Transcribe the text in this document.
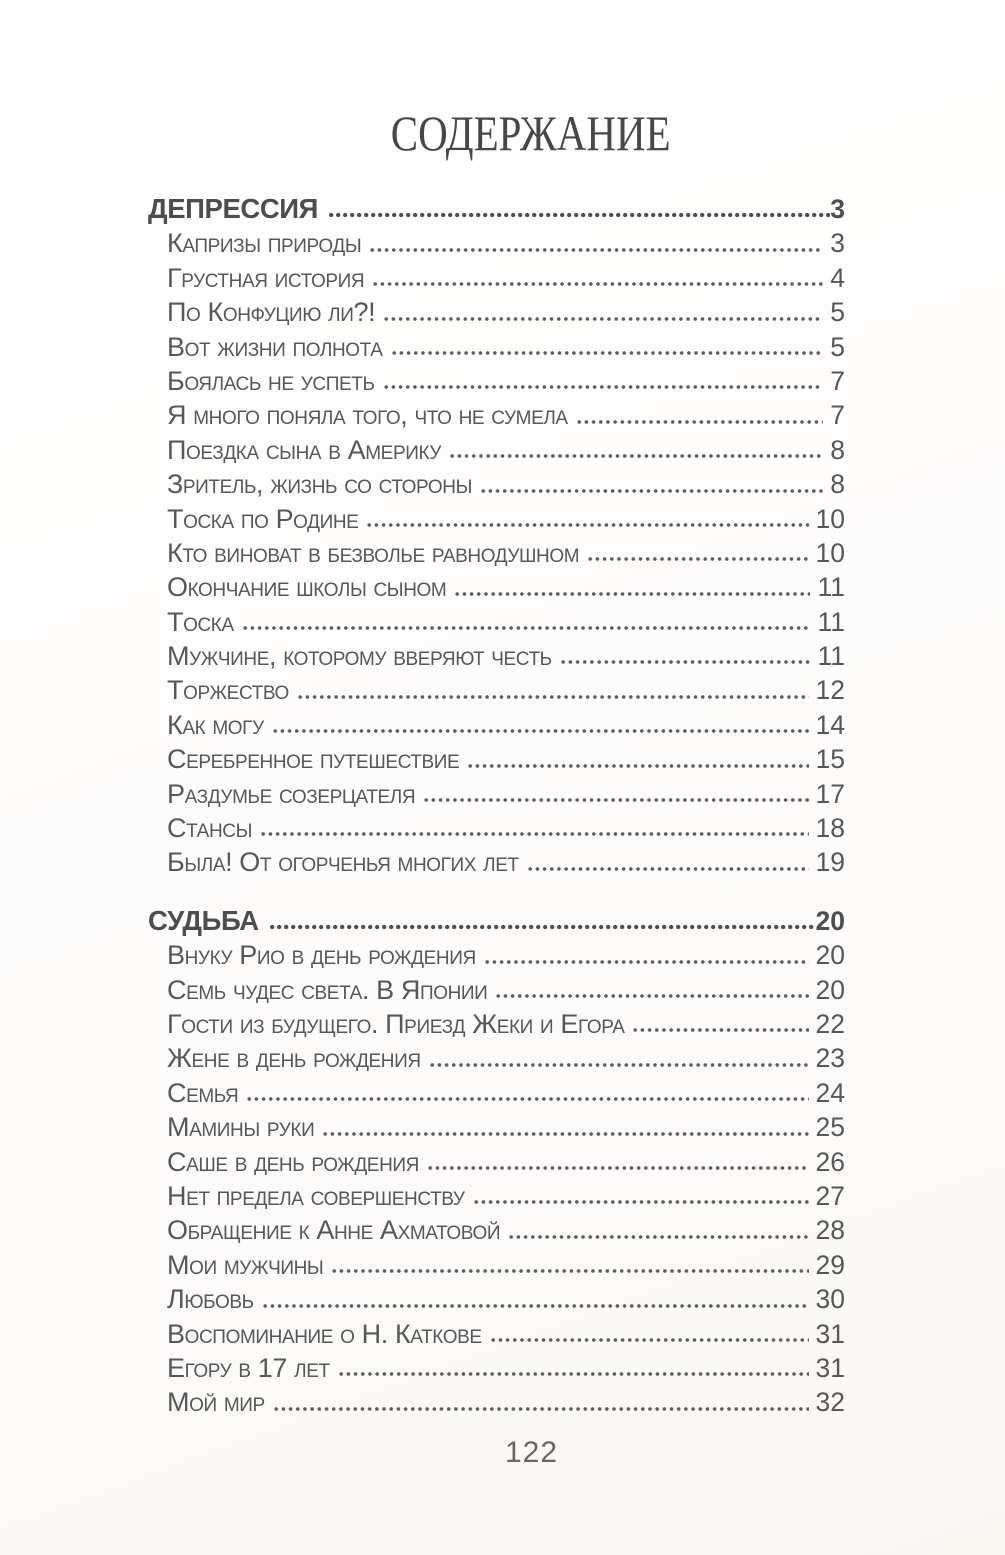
СОДЕРЖАНИЕ
ДЕПРЕССИЯ	3
Капризы природы	3
Грустная история	4
По Конфуцию ли?!	5
Вот жизни полнота	5
Боялась не успеть	7
Я много поняла того, что не сумела	7
Поездка сына в Америку	8
Зритель, жизнь со стороны	8
Тоска по Родине	10
Кто виноват в безволье равнодушном	10
Окончание школы сыном	11
Тоска	11
Мужчине, которому вверяют честь	11
Торжество	12
Как могу	14
Серебренное путешествие	15
Раздумье созерцателя	17
Стансы	18
Была! От огорченья многих лет	19
СУДЬБА	20
Внуку Рио в день рождения	20
Семь чудес света. В Японии	20
Гости из будущего. Приезд Жеки и Егора	22
Жене в день рождения	23
Семья	24
Мамины руки	25
Саше в день рождения	26
Нет предела совершенству	27
Обращение к Анне Ахматовой	28
Мои мужчины	29
Любовь	30
Воспоминание о Н. Каткове	31
Егору в 17 лет	31
Мой мир	32
122
